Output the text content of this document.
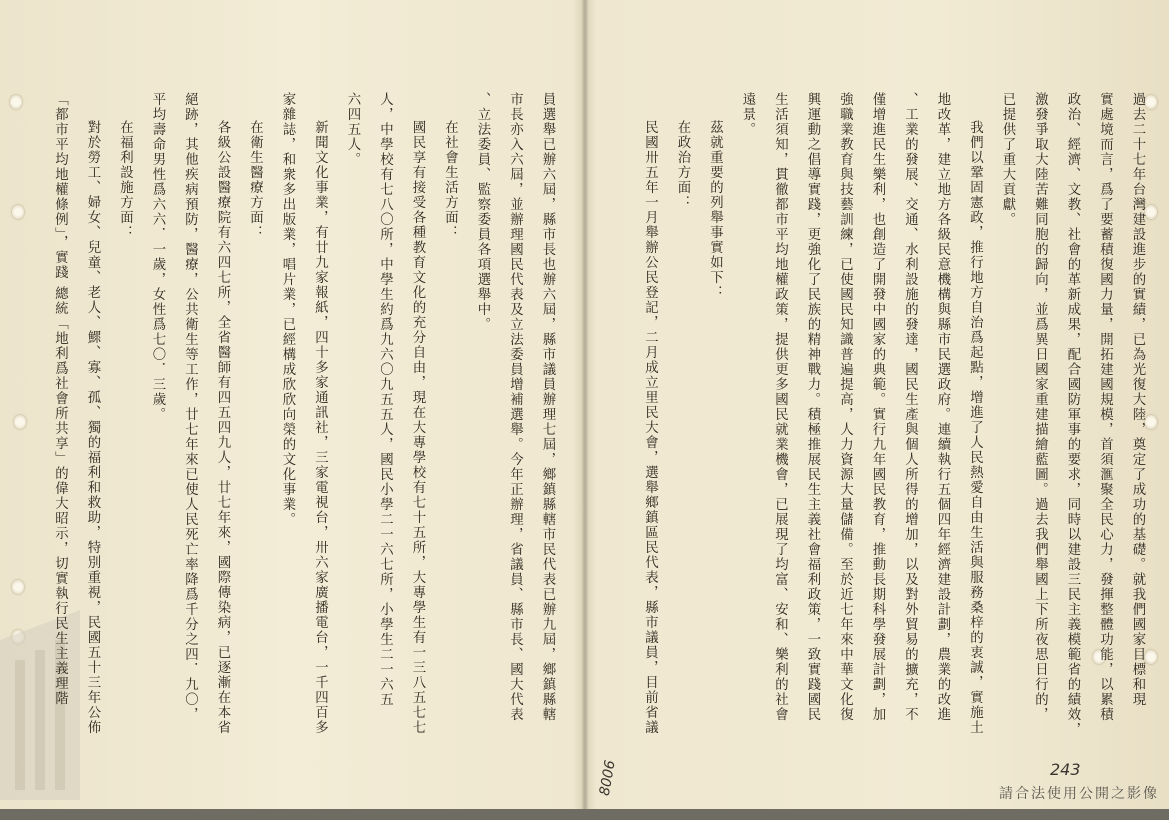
過去二十七年台灣建設進步的實績，已為光復大陸，奠定了成功的基礎。就我們國家目標和現
實處境而言，爲了要蓄積復國力量，開拓建國規模，首須滙聚全民心力，發揮整體功能，以累積
政治、經濟、文教、社會的革新成果，配合國防軍事的要求，同時以建設三民主義模範省的績效，
激發爭取大陸苦難同胞的歸向，並爲異日國家重建描繪藍圖。過去我們舉國上下所夜思日行的，
已提供了重大貢獻。
我們以鞏固憲政，推行地方自治爲起點，增進了人民熱愛自由生活與服務桑梓的衷誠，實施土
地改革，建立地方各級民意機構與縣市民選政府。連續執行五個四年經濟建設計劃，農業的改進
、工業的發展、交通、水利設施的發達，國民生產與個人所得的增加，以及對外貿易的擴充，不
僅增進民生樂利，也創造了開發中國家的典範。實行九年國民教育，推動長期科學發展計劃，加
強職業教育與技藝訓練，已使國民知識普遍提高，人力資源大量儲備。至於近七年來中華文化復
興運動之倡導實踐，更強化了民族的精神戰力。積極推展民生主義社會福利政策，一致實踐國民
生活須知，貫徹都市平均地權政策，提供更多國民就業機會，已展現了均富、安和、樂利的社會
遠景。
茲就重要的列舉事實如下：
在政治方面：
民國卅五年一月舉辦公民登記，二月成立里民大會，選舉鄉鎮區民代表，縣市議員，目前省議
員選舉已辦六屆，縣市長也辦六屆，縣市議員辦理七屆，鄉鎮縣轄市民代表已辦九屆，鄉鎮縣轄
市長亦入六屆，並辦理國民代表及立法委員增補選舉。今年正辦理，省議員、縣市長、國大代表
、立法委員、監察委員各項選舉中。
在社會生活方面：
國民享有接受各種教育文化的充分自由，現在大專學校有七十五所，大專學生有一三八五七七
人，中學校有七八〇所，中學生約爲九六〇九五五人，國民小學二一六七所，小學生二一六五
六四五人。
新聞文化事業，有廿九家報紙，四十多家通訊社，三家電視台，卅六家廣播電台，一千四百多
家雜誌，和衆多出版業，唱片業，已經構成欣欣向榮的文化事業。
在衛生醫療方面：
各級公設醫療院有六四七所，全省醫師有四五四九人，廿七年來，國際傳染病，已逐漸在本省
絕跡，其他疾病預防，醫療，公共衛生等工作，廿七年來已使人民死亡率降爲千分之四．九〇，
平均壽命男性爲六六．一歲，女性爲七〇．三歲。
在福利設施方面：
對於勞工、婦女、兒童、老人、鰥、寡、孤、獨的福利和救助，特別重視，民國五十三年公佈
「都市平均地權條例」，實踐 總統「地利爲社會所共享」的偉大昭示，切實執行民生主義理階
243
8006	請合法使用公開之影像
